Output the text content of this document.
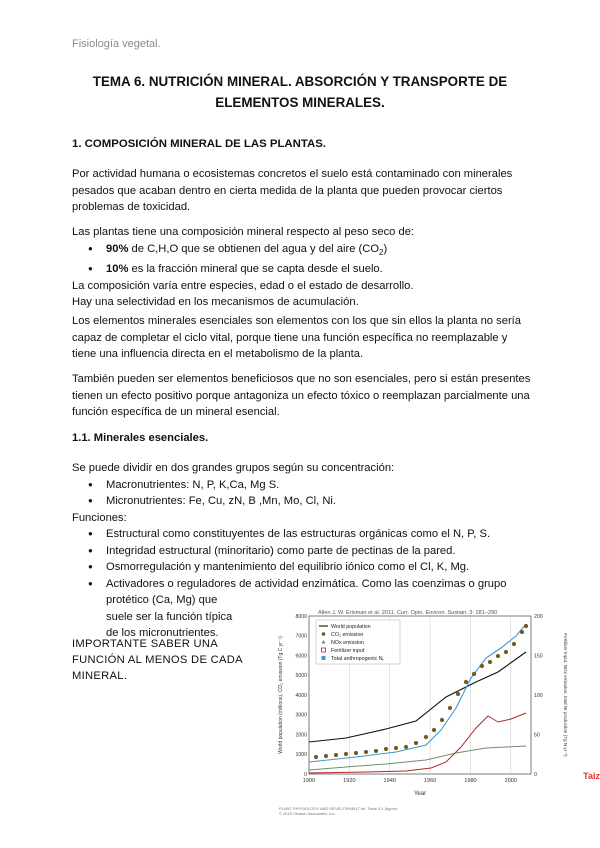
Fisiología vegetal.
TEMA 6. NUTRICIÓN MINERAL. ABSORCIÓN Y TRANSPORTE DE
ELEMENTOS MINERALES.
1. COMPOSICIÓN MINERAL DE LAS PLANTAS.
Por actividad humana o ecosistemas concretos el suelo está contaminado con minerales
pesados que acaban dentro en cierta medida de la planta que pueden provocar ciertos
problemas de toxicidad.
Las plantas tiene una composición mineral respecto al peso seco de:
● 90% de C,H,O que se obtienen del agua y del aire $(CO_2)$
● 10% es la fracción mineral que se capta desde el suelo.
La composición varía entre especies, edad o el estado de desarrollo.
Hay una selectividad en los mecanismos de acumulación.
Los elementos minerales esenciales son elementos con los que sin ellos la planta no sería
capaz de completar el ciclo vital, porque tiene una función específica no reemplazable y
tiene una influencia directa en el metabolismo de la planta.
También pueden ser elementos beneficiosos que no son esenciales, pero si están presentes
tienen un efecto positivo porque antagoniza un efecto tóxico o reemplazan parcialmente una
función específica de un mineral esencial.
1.1. Minerales esenciales.
Se puede dividir en dos grandes grupos según su concentración:
● Macronutrientes: N, P, K,Ca, Mg S.
● Micronutrientes: Fe, Cu, zN, B ,Mn, Mo, Cl, Ni.
Funciones:
● Estructural como constituyentes de las estructuras orgánicas como el N, P, S.
● Integridad estructural (minoritario) como parte de pectinas de la pared.
● Osmorregulación y mantenimiento del equilibrio iónico como el Cl, K, Mg.
● Activadores o reguladores de actividad enzimática. Como las coenzimas o grupo
protético (Ca, Mg) que
suele ser la función típica
de los micronutrientes.
IMPORTANTE SABER UNA
FUNCIÓN AL MENOS DE CADA
MINERAL.
Allen J. W. Erisman et al. 2011. Curr. Opin. Environ. Sustain. 3: 281–290
0
1000
2000
3000
4000
5000
6000
7000
8000
0
50
100
150
200
1900	1920	1940	1960	1980	2000
World population (millions), CO₂ emission (Tg C yr⁻¹)	Fertilizer input, NOx emission, total Nr production (Tg N yr⁻¹)
Year
World population
CO₂ emission
NOx emission
Fertilizer input
Total anthropogenic Nr
PLANT PHYSIOLOGY AND DEVELOPMENT 6e, Table 5.1 (figure)
© 2015 Sinauer Associates, Inc.
Taiz
